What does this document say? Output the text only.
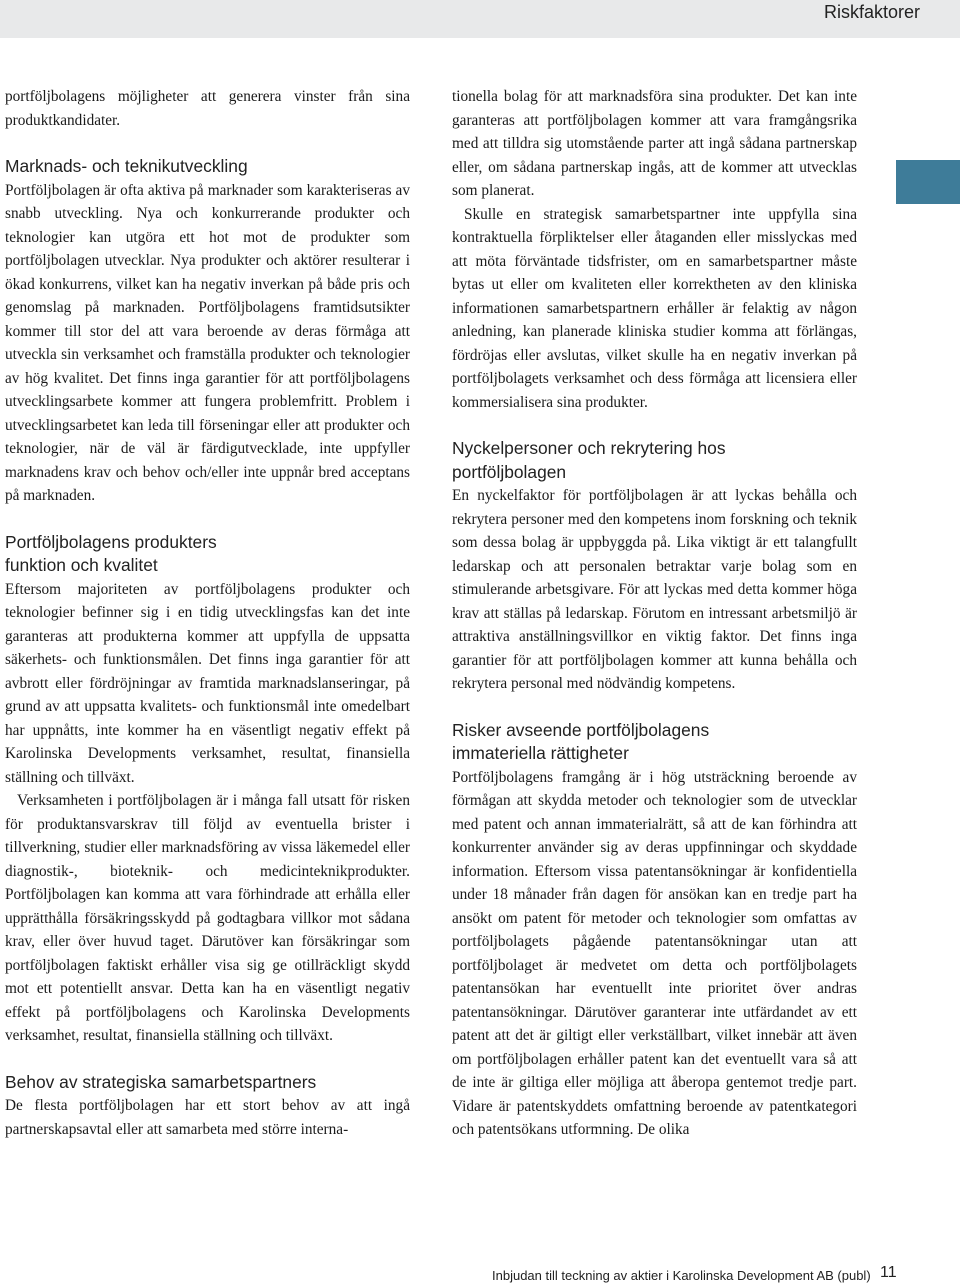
Riskfaktorer

portföljbolagens möjligheter att generera vinster från sina produktkandidater.

Marknads- och teknikutveckling

Portföljbolagen är ofta aktiva på marknader som karakteriseras av snabb utveckling. Nya och konkurrerande produkter och teknologier kan utgöra ett hot mot de produkter som portföljbolagen utvecklar. Nya produkter och aktörer resulterar i ökad konkurrens, vilket kan ha negativ inverkan på både pris och genomslag på marknaden. Portföljbolagens framtidsutsikter kommer till stor del att vara beroende av deras förmåga att utveckla sin verksamhet och framställa produkter och teknologier av hög kvalitet. Det finns inga garantier för att portföljbolagens utvecklingsarbete kommer att fungera problemfritt. Problem i utvecklingsarbetet kan leda till förseningar eller att produkter och teknologier, när de väl är färdigutvecklade, inte uppfyller marknadens krav och behov och/eller inte uppnår bred acceptans på marknaden.

Portföljbolagens produkters
funktion och kvalitet

Eftersom majoriteten av portföljbolagens produkter och teknologier befinner sig i en tidig utvecklingsfas kan det inte garanteras att produkterna kommer att uppfylla de uppsatta säkerhets- och funktionsmålen. Det finns inga garantier för att avbrott eller fördröjningar av framtida marknadslanseringar, på grund av att uppsatta kvalitets- och funktionsmål inte omedelbart har uppnåtts, inte kommer ha en väsentligt negativ effekt på Karolinska Developments verksamhet, resultat, finansiella ställning och tillväxt.

Verksamheten i portföljbolagen är i många fall utsatt för risken för produktansvarskrav till följd av eventuella brister i tillverkning, studier eller marknadsföring av vissa läkemedel eller diagnostik-, bioteknik- och medicinteknikprodukter. Portföljbolagen kan komma att vara förhindrade att erhålla eller upprätthålla försäkringsskydd på godtagbara villkor mot sådana krav, eller över huvud taget. Därutöver kan försäkringar som portföljbolagen faktiskt erhåller visa sig ge otillräckligt skydd mot ett potentiellt ansvar. Detta kan ha en väsentligt negativ effekt på portföljbolagens och Karolinska Developments verksamhet, resultat, finansiella ställning och tillväxt.

Behov av strategiska samarbetspartners

De flesta portföljbolagen har ett stort behov av att ingå partnerskapsavtal eller att samarbeta med större interna-

tionella bolag för att marknadsföra sina produkter. Det kan inte garanteras att portföljbolagen kommer att vara framgångsrika med att tilldra sig utomstående parter att ingå sådana partnerskap eller, om sådana partnerskap ingås, att de kommer att utvecklas som planerat.

Skulle en strategisk samarbetspartner inte uppfylla sina kontraktuella förpliktelser eller åtaganden eller misslyckas med att möta förväntade tidsfrister, om en samarbetspartner måste bytas ut eller om kvaliteten eller korrektheten av den kliniska informationen samarbetspartnern erhåller är felaktig av någon anledning, kan planerade kliniska studier komma att förlängas, fördröjas eller avslutas, vilket skulle ha en negativ inverkan på portföljbolagets verksamhet och dess förmåga att licensiera eller kommersialisera sina produkter.

Nyckelpersoner och rekrytering hos
portföljbolagen

En nyckelfaktor för portföljbolagen är att lyckas behålla och rekrytera personer med den kompetens inom forskning och teknik som dessa bolag är uppbyggda på. Lika viktigt är ett talangfullt ledarskap och att personalen betraktar varje bolag som en stimulerande arbetsgivare. För att lyckas med detta kommer höga krav att ställas på ledarskap. Förutom en intressant arbetsmiljö är attraktiva anställningsvillkor en viktig faktor. Det finns inga garantier för att portföljbolagen kommer att kunna behålla och rekrytera personal med nödvändig kompetens.

Risker avseende portföljbolagens
immateriella rättigheter

Portföljbolagens framgång är i hög utsträckning beroende av förmågan att skydda metoder och teknologier som de utvecklar med patent och annan immaterialrätt, så att de kan förhindra att konkurrenter använder sig av deras uppfinningar och skyddade information. Eftersom vissa patentansökningar är konfidentiella under 18 månader från dagen för ansökan kan en tredje part ha ansökt om patent för metoder och teknologier som omfattas av portföljbolagets pågående patentansökningar utan att portföljbolaget är medvetet om detta och portföljbolagets patentansökan har eventuellt inte prioritet över andras patentansökningar. Därutöver garanterar inte utfärdandet av ett patent att det är giltigt eller verkställbart, vilket innebär att även om portföljbolagen erhåller patent kan det eventuellt vara så att de inte är giltiga eller möjliga att åberopa gentemot tredje part. Vidare är patentskyddets omfattning beroende av patentkategori och patentsökans utformning. De olika

Inbjudan till teckning av aktier i Karolinska Development AB (publ) 11
